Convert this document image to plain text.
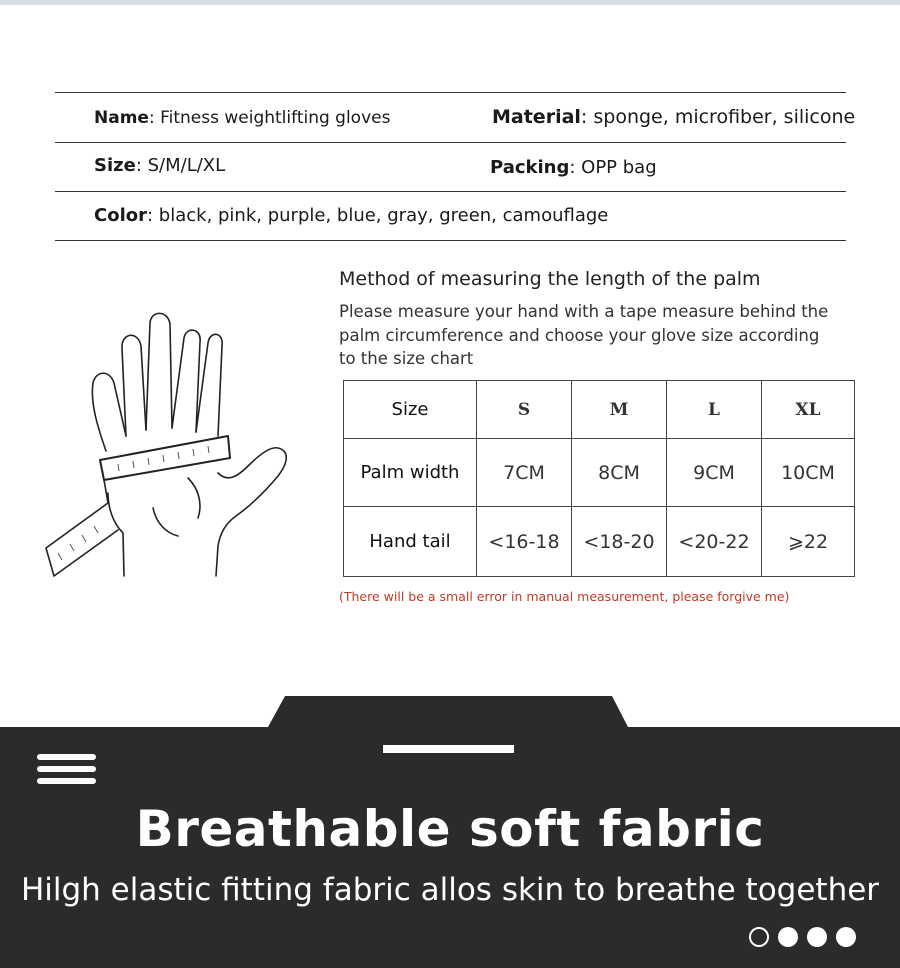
Name: Fitness weightlifting gloves	Material: sponge, microfiber, silicone
Size: S/M/L/XL	Packing: OPP bag
Color: black, pink, purple, blue, gray, green, camouflage
Method of measuring the length of the palm
Please measure your hand with a tape measure behind the palm circumference and choose your glove size according to the size chart
Size	S	M	L	XL
Palm width	7CM	8CM	9CM	10CM
Hand tail	<16-18	<18-20	<20-22	⩾22
(There will be a small error in manual measurement, please forgive me)
Breathable soft fabric
Hilgh elastic fitting fabric allos skin to breathe together
